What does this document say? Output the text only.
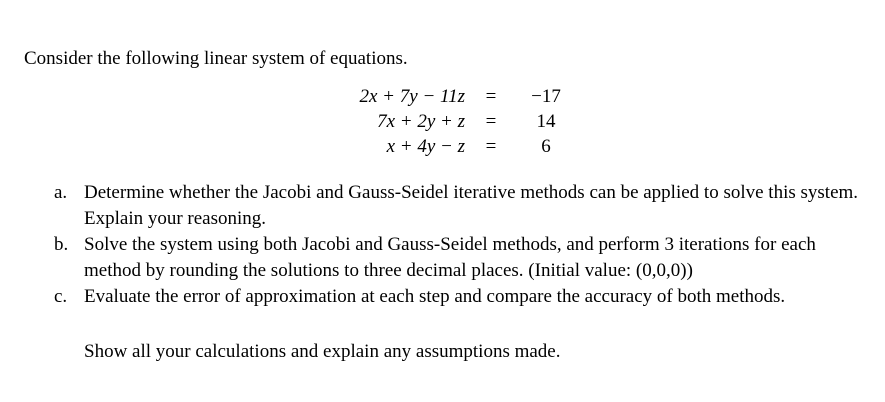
Consider the following linear system of equations.
2x + 7y − 11z	=	−17
7x + 2y + z	=	14
x + 4y − z	=	6
a. Determine whether the Jacobi and Gauss-Seidel iterative methods can be applied to solve this system. Explain your reasoning.
b. Solve the system using both Jacobi and Gauss-Seidel methods, and perform 3 iterations for each method by rounding the solutions to three decimal places. (Initial value: (0,0,0))
c. Evaluate the error of approximation at each step and compare the accuracy of both methods.
Show all your calculations and explain any assumptions made.
